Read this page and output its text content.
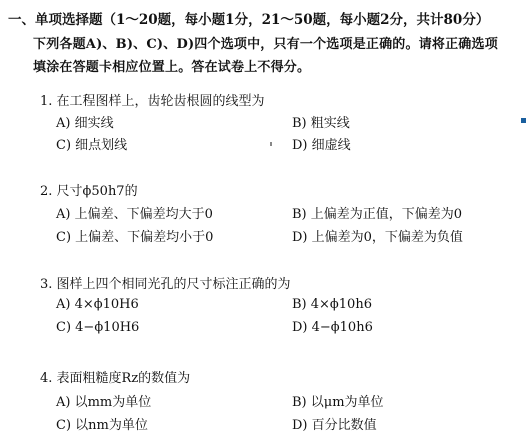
一、单项选择题（1～20题，每小题1分，21～50题，每小题2分，共计80分）
下列各题A)、B)、C)、D)四个选项中，只有一个选项是正确的。请将正确选项
填涂在答题卡相应位置上。答在试卷上不得分。
1. 在工程图样上，齿轮齿根圆的线型为
A) 细实线	B) 粗实线
C) 细点划线	D) 细虚线
2. 尺寸ϕ50h7的
A) 上偏差、下偏差均大于0	B) 上偏差为正值，下偏差为0
C) 上偏差、下偏差均小于0	D) 上偏差为0，下偏差为负值
3. 图样上四个相同光孔的尺寸标注正确的为
A) 4×ϕ10H6	B) 4×ϕ10h6
C) 4−ϕ10H6	D) 4−ϕ10h6
4. 表面粗糙度Rz的数值为
A) 以mm为单位	B) 以μm为单位
C) 以nm为单位	D) 百分比数值
